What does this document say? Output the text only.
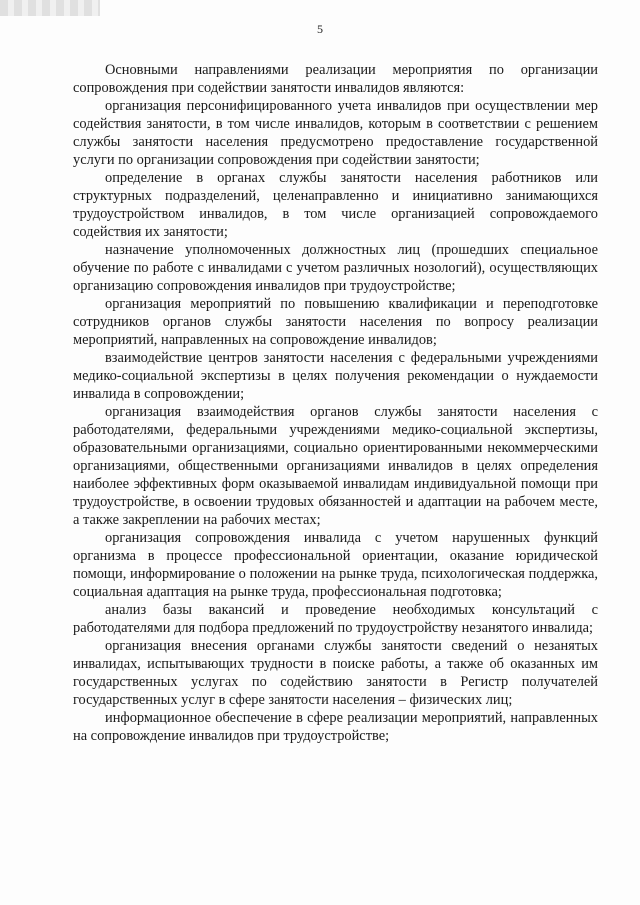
5

Основными направлениями реализации мероприятия по организации сопровождения при содействии занятости инвалидов являются:

организация персонифицированного учета инвалидов при осуществлении мер содействия занятости, в том числе инвалидов, которым в соответствии с решением службы занятости населения предусмотрено предоставление государственной услуги по организации сопровождения при содействии занятости;

определение в органах службы занятости населения работников или структурных подразделений, целенаправленно и инициативно занимающихся трудоустройством инвалидов, в том числе организацией сопровождаемого содействия их занятости;

назначение уполномоченных должностных лиц (прошедших специальное обучение по работе с инвалидами с учетом различных нозологий), осуществляющих организацию сопровождения инвалидов при трудоустройстве;

организация мероприятий по повышению квалификации и переподготовке сотрудников органов службы занятости населения по вопросу реализации мероприятий, направленных на сопровождение инвалидов;

взаимодействие центров занятости населения с федеральными учреждениями медико-социальной экспертизы в целях получения рекомендации о нуждаемости инвалида в сопровождении;

организация взаимодействия органов службы занятости населения с работодателями, федеральными учреждениями медико-социальной экспертизы, образовательными организациями, социально ориентированными некоммерческими организациями, общественными организациями инвалидов в целях определения наиболее эффективных форм оказываемой инвалидам индивидуальной помощи при трудоустройстве, в освоении трудовых обязанностей и адаптации на рабочем месте, а также закреплении на рабочих местах;

организация сопровождения инвалида с учетом нарушенных функций организма в процессе профессиональной ориентации, оказание юридической помощи, информирование о положении на рынке труда, психологическая поддержка, социальная адаптация на рынке труда, профессиональная подготовка;

анализ базы вакансий и проведение необходимых консультаций с работодателями для подбора предложений по трудоустройству незанятого инвалида;

организация внесения органами службы занятости сведений о незанятых инвалидах, испытывающих трудности в поиске работы, а также об оказанных им государственных услугах по содействию занятости в Регистр получателей государственных услуг в сфере занятости населения – физических лиц;

информационное обеспечение в сфере реализации мероприятий, направленных на сопровождение инвалидов при трудоустройстве;
